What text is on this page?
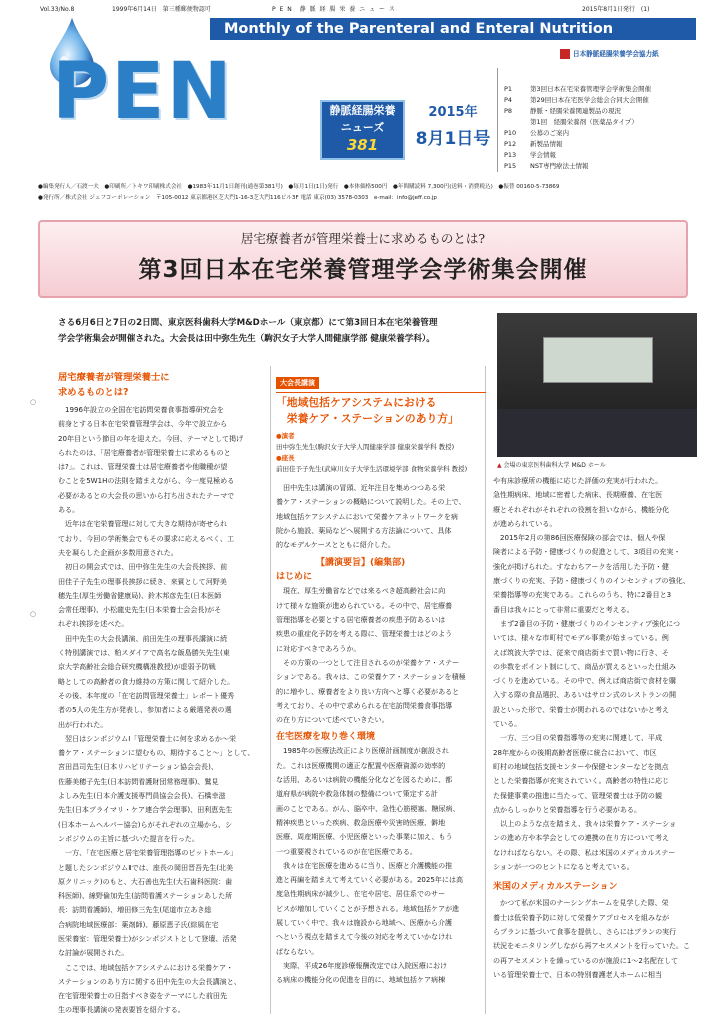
Vol.33/No.8	1999年6月14日　第三種郵便物認可	P E N　静 脈 経 腸 栄 養 ニ ュ ー ス	2015年8月1日発行　(1)
Monthly of the Parenteral and Enteral Nutrition
PEN	静脈経腸栄養
ニューズ
381
2015年
8月1日号
日本静脈経腸栄養学会協力紙
P1	第3回日本在宅栄養管理学会学術集会開催
P4	第29回日本在宅医学会総会合同大会開催
P8	静脈・経腸栄養関連製品の現況
第1回　経腸栄養剤（医薬品タイプ）
P10 公募のご案内
P12 新製品情報
P13 学会情報
P15 NST専門療法士情報
●編集発行人／石渡一夫　●印刷所／トキワ印刷株式会社　●1983年11月1日創刊(通巻第381号)　●毎月1日(1日)発行　●本体価格500円　●年間購読料 7,300円(送料・消費税込)　●振替 00160-5-73869
●発行所／株式会社 ジェフコーポレーション　〒105-0012 東京都港区芝大門1-16-3芝大門116ビル3F 電話 東京(03) 3578-0303　e-mail：info@jeff.co.jp
居宅療養者が管理栄養士に求めるものとは?
第3回日本在宅栄養管理学会学術集会開催
さる6月6日と7日の2日間、東京医科歯科大学M&Dホール（東京都）にて第3回日本在宅栄養管理
学会学術集会が開催された。大会長は田中弥生先生（駒沢女子大学人間健康学部 健康栄養学科）。
▲ 会場の東京医科歯科大学 M&D ホール
○
○
居宅療養者が管理栄養士に
求めるものとは?
　1996年設立の全国在宅訪問栄養食事指導研究会を
前身とする日本在宅栄養管理学会は、今年で設立から
20年目という節目の年を迎えた。今回、テーマとして掲げ
られたのは、「居宅療養者が管理栄養士に求めるものと
は?」。これは、管理栄養士は居宅療養者や他職種が望
むことを5W1Hの法則を踏まえながら、今一度見極める
必要があるとの大会長の思いから打ち出されたテーマで
ある。
　近年は在宅栄養管理に対して大きな期待が寄せられ
ており、今回の学術集会でもその要求に応えるべく、工
夫を凝らした企画が多数用意された。
　初日の開会式では、田中弥生先生の大会長挨拶、前
田佳子子先生の理事長挨拶に続き、来賓として河野美
穂先生(厚生労働省健康局)、鈴木邦彦先生(日本医師
会常任理事)、小松龍史先生(日本栄養士会会長)がそ
れぞれ挨拶を述べた。
　田中先生の大会長講演、前田先生の理事長講演に続
く特別講演では、粕スダイアで高名な飯島勝矢先生(東
京大学高齢社会総合研究機構准教授)が虚弱予防戦
略としての高齢者の食力維持の方策に関して紹介した。
その後、本年度の「在宅訪問管理栄養士」レポート優秀
者の5人の先生方が発表し、参加者による厳選発表の選
出が行われた。
　翌日はシンポジウムⅠ「管理栄養士に何を求めるか～栄
養ケア・ステーションに望むもの、期待すること～」として、
宮田昌司先生(日本リハビリテーション協会会長)、
佐藤美穂子先生(日本訪問看護財団常務理事)、鷲見
よしみ先生(日本介護支援専門員協会会長)、石橋幸滋
先生(日本プライマリ・ケア連合学会理事)、田利恵先生
(日本ホームヘルパー協会)らがそれぞれの立場から、シ
ンポジウムの主旨に基づいた提言を行った。
　一方、「在宅医療と居宅栄養管理指導のピットホール」
と題したシンポジウムⅡでは、座長の岡田晋吾先生(北美
原クリニック)のもと、大石善也先生(大石歯科医院：歯
科医師)、線野倫加先生(訪問看護ステーションあした所
長：訪問看護師)、増田修三先生(尾道市立あき総
合病院地域医療部：薬剤師)、藤原恵子氏(綜風在宅
医栄養室：管理栄養士)がシンポジストとして登壇、活発
な討論が展開された。
　ここでは、地域包括ケアシステムにおける栄養ケア・
ステーションのあり方に関する田中先生の大会長講演と、
在宅管理栄養士の日指すべき姿をテーマにした前田先
生の理事長講演の発表要旨を紹介する。
大会長講演
「地域包括ケアシステムにおける
　栄養ケア・ステーションのあり方」
●演者
田中弥生先生(駒沢女子大学人間健康学部 健康栄養学科 教授)
●座長
前田佳予子先生(武庫川女子大学生活環境学部 食物栄養学科 教授)
　田中先生は講演の冒頭、近年注目を集めつつある栄
養ケア・ステーションの概略について説明した。その上で、
地域包括ケアシステムにおいて栄養ケアネットワークを病
院から施設、薬局などへ展開する方法論について、具体
的なモデルケースとともに紹介した。
【講演要旨】(編集部)
はじめに
　現在、厚生労働省などでは来るべき超高齢社会に向
けて様々な施策が進められている。その中で、居宅療養
管理指導を必要とする居宅療養者の疾患予防あるいは
疾患の重症化予防を考える際に、管理栄養士はどのよう
に対応すべきであろうか。
　その方策の一つとして注目されるのが栄養ケア・ステー
ションである。我々は、この栄養ケア・ステーションを積極
的に増やし、療養者をより良い方向へと導く必要があると
考えており、その中で求められる在宅訪問栄養食事指導
の在り方について述べていきたい。
在宅医療を取り巻く環境
　1985年の医療法改正により医療計画制度が創設され
た。これは医療機関の適正な配置や医療資源の効率的
な活用、あるいは病院の機能分化などを図るために、都
道府県が病院や救急体制の整備について策定する計
画のことである。がん、脳卒中、急性心筋梗塞、糖尿病、
精神疾患といった疾病、救急医療や災害時医療、僻地
医療、周産期医療、小児医療といった事業に加え、もう
一つ重要視されているのが在宅医療である。
　我々は在宅医療を進めるに当り、医療と介護機能の推
進と再編を踏まえて考えていく必要がある。2025年には高
度急性期病床が減少し、在宅や居宅、居住系でのサー
ビスが増加していくことが予想される。地域包括ケアが進
展していく中で、我々は施設から地域へ、医療から介護
へという視点を踏まえて今後の対応を考えていかなけれ
ばならない。
　実際、平成26年度診療報酬改定では入院医療におけ
る病床の機能分化の促進を目的に、地域包括ケア病棟
や有床診療所の機能に応じた評価の充実が行われた。
急性期病床、地域に密着した病床、長期療養、在宅医
療とそれぞれがそれぞれの役割を担いながら、機能分化
が進められている。
　2015年2月の第86回医療保険の部会では、個人や保
険者による予防・健康づくりの促進として、3項目の充実・
強化が掲げられた。すなわちアークを活用した予防・健
康づくりの充実、予防・健康づくりのインセンティブの強化、
栄養指導等の充実である。これらのうち、特に2番目と3
番目は我々にとって非常に重要だと考える。
　まず2番目の予防・健康づくりのインセンティブ強化につ
いては、様々な市町村でモデル事業が始まっている。例
えば筑波大学では、従来で商店街まで買い物に行き、そ
の歩数をポイント制にして、商品が買えるといった仕組み
づくりを進めている。その中で、例えば商店街で食材を購
入する際の食品選択、あるいはサロン式のレストランの開
設といった形で、栄養士が関われるのではないかと考え
ている。
　一方、三つ目の栄養指導等の充実に関連して、平成
28年度からの後期高齢者医療に統合において、市区
町村の地域包括支援センターや保健センターなどを拠点
とした栄養指導が充実されていく。高齢者の特性に応じ
た保健事業の推進に当たって、管理栄養士は予防の観
点からしっかりと栄養指導を行う必要がある。
　以上のような点を踏まえ、我々は栄養ケア・ステーショ
ンの進め方や本学会としての連携の在り方について考え
なければならない。その際、私は米国のメディカルステー
ションが一つのヒントになると考えている。
米国のメディカルステーション
　かつて私が米国のナーシングホームを見学した際、栄
養士は低栄養予防に対して栄養ケアプロセスを組みなが
らプランに基づいて食事を提供し、さらにはプランの実行
状況をモニタリングしながら再アセスメントを行っていた。こ
の再アセスメントを繰っているのが施設に1～2名配在して
いる管理栄養士で、日本の特別養護老人ホームに相当
